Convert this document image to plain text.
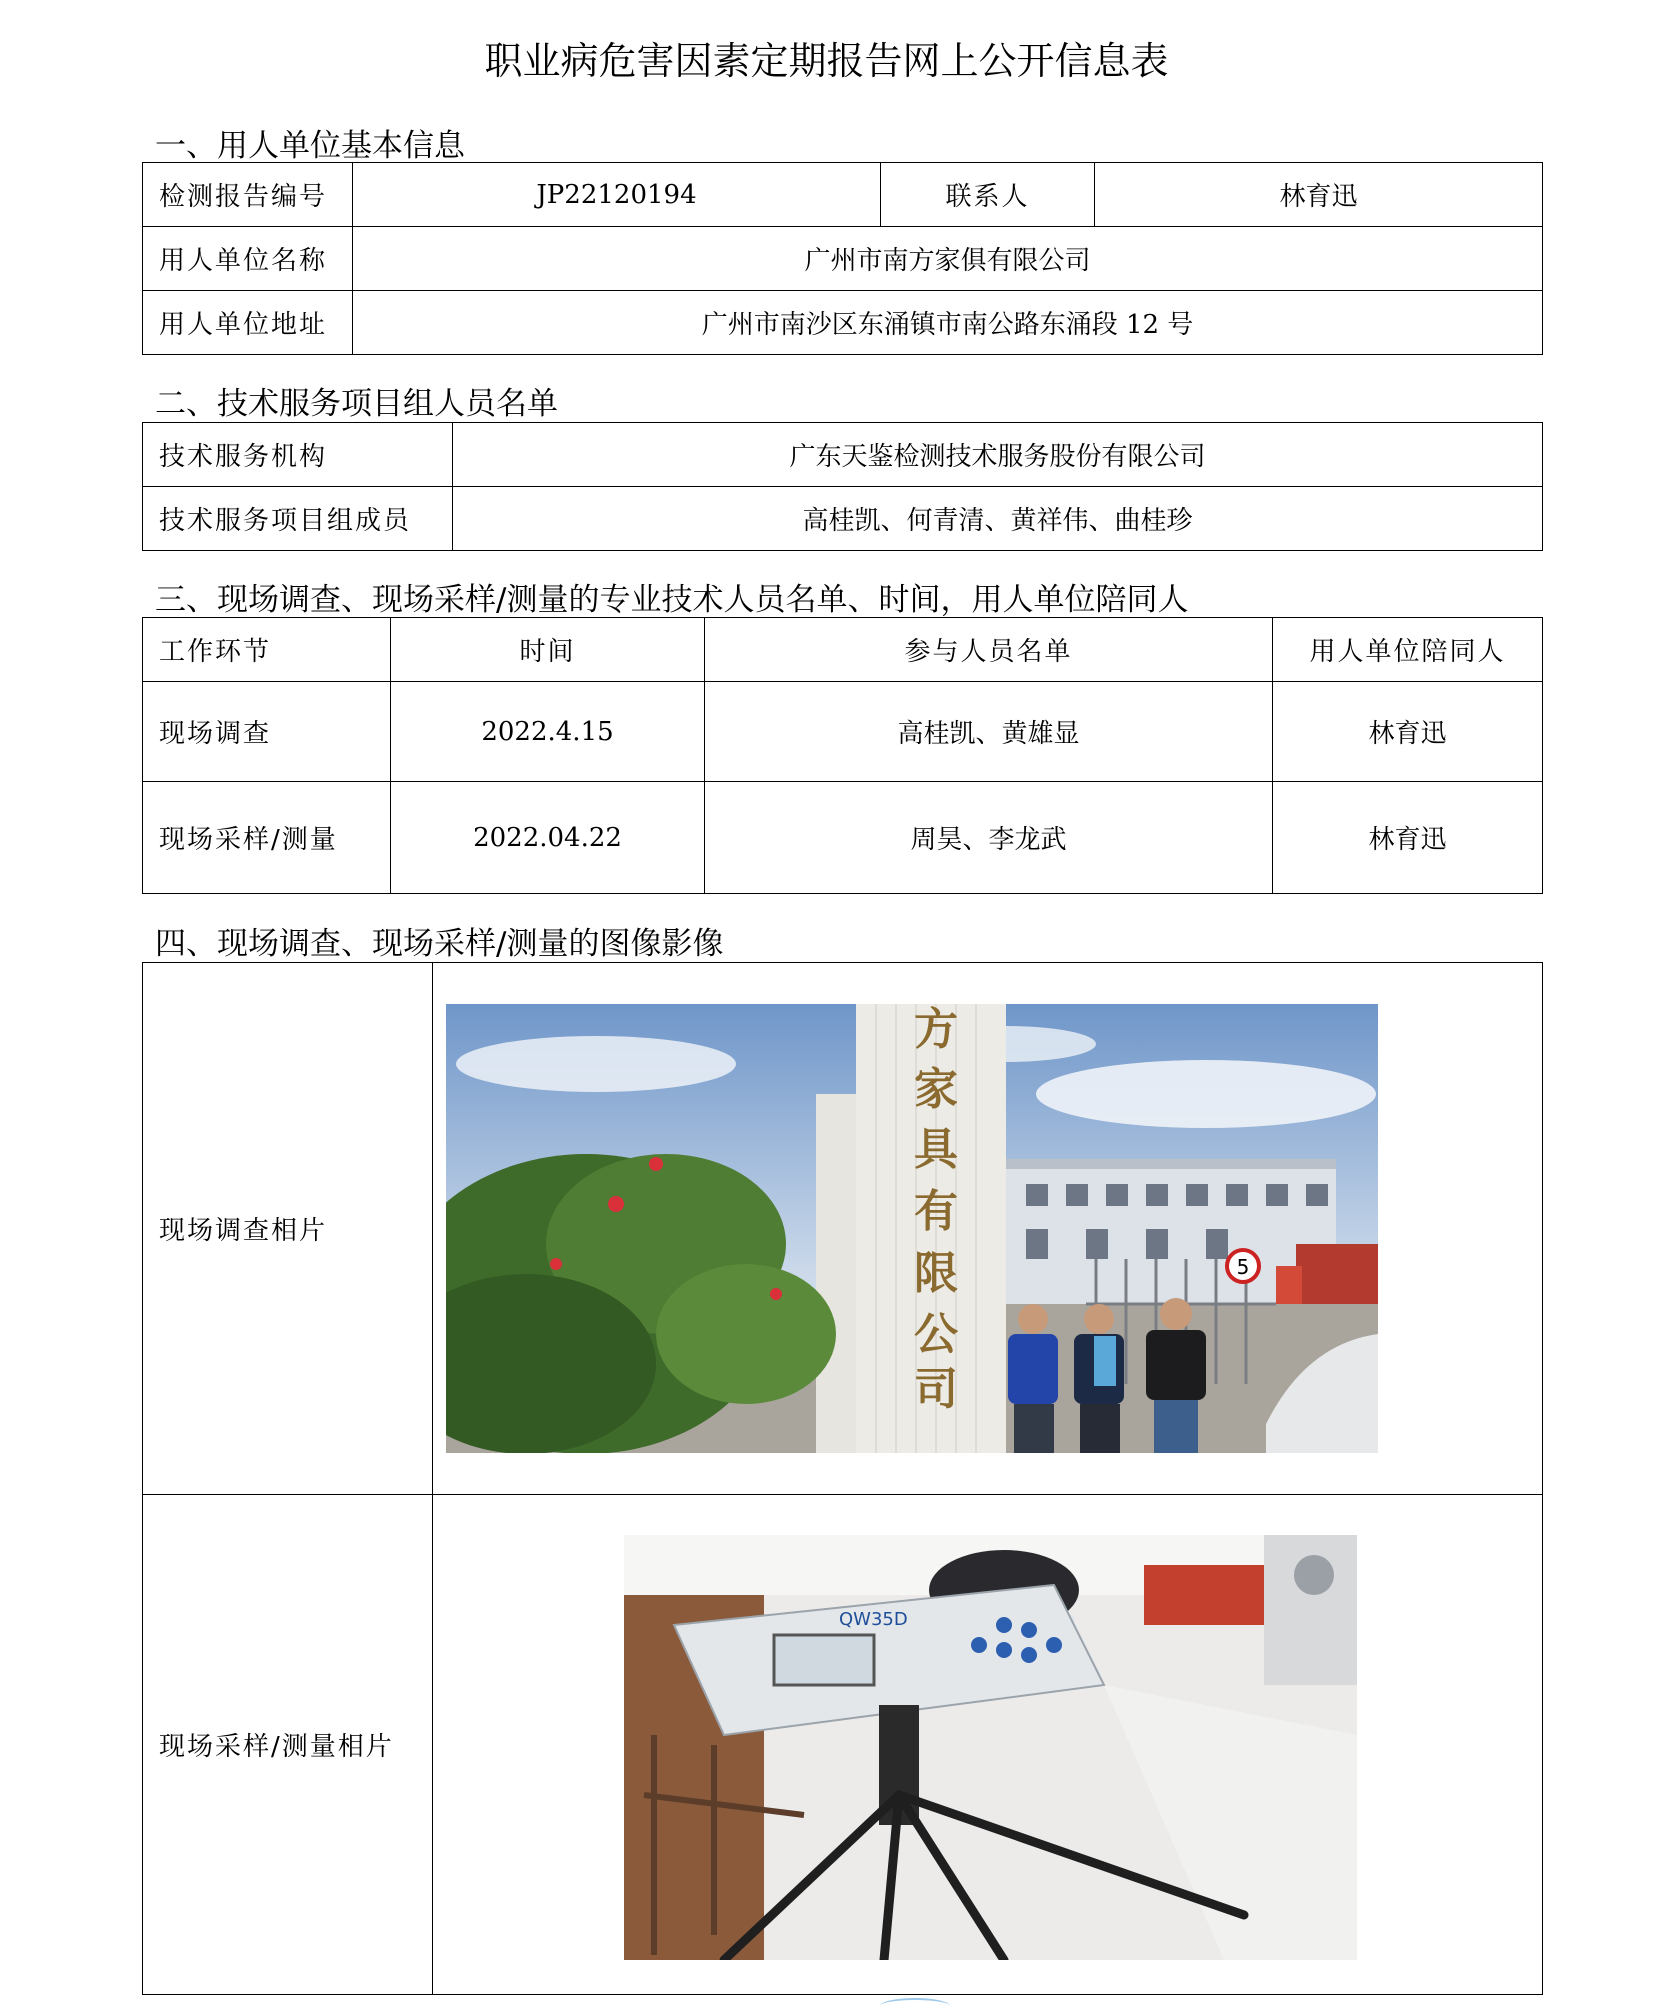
职业病危害因素定期报告网上公开信息表
一、用人单位基本信息
检测报告编号	JP22120194	联系人	林育迅
用人单位名称	广州市南方家俱有限公司		
用人单位地址	广州市南沙区东涌镇市南公路东涌段 12 号		
二、技术服务项目组人员名单
技术服务机构	广东天鉴检测技术服务股份有限公司
技术服务项目组成员	高桂凯、何青清、黄祥伟、曲桂珍
三、现场调查、现场采样/测量的专业技术人员名单、时间，用人单位陪同人
工作环节	时间	参与人员名单	用人单位陪同人
现场调查	2022.4.15	高桂凯、黄雄显	林育迅
现场采样/测量	2022.04.22	周昊、李龙武	林育迅
四、现场调查、现场采样/测量的图像影像
现场调查相片	
现场采样/测量相片	
5
方
家
具
有
限
公
司
QW35D
